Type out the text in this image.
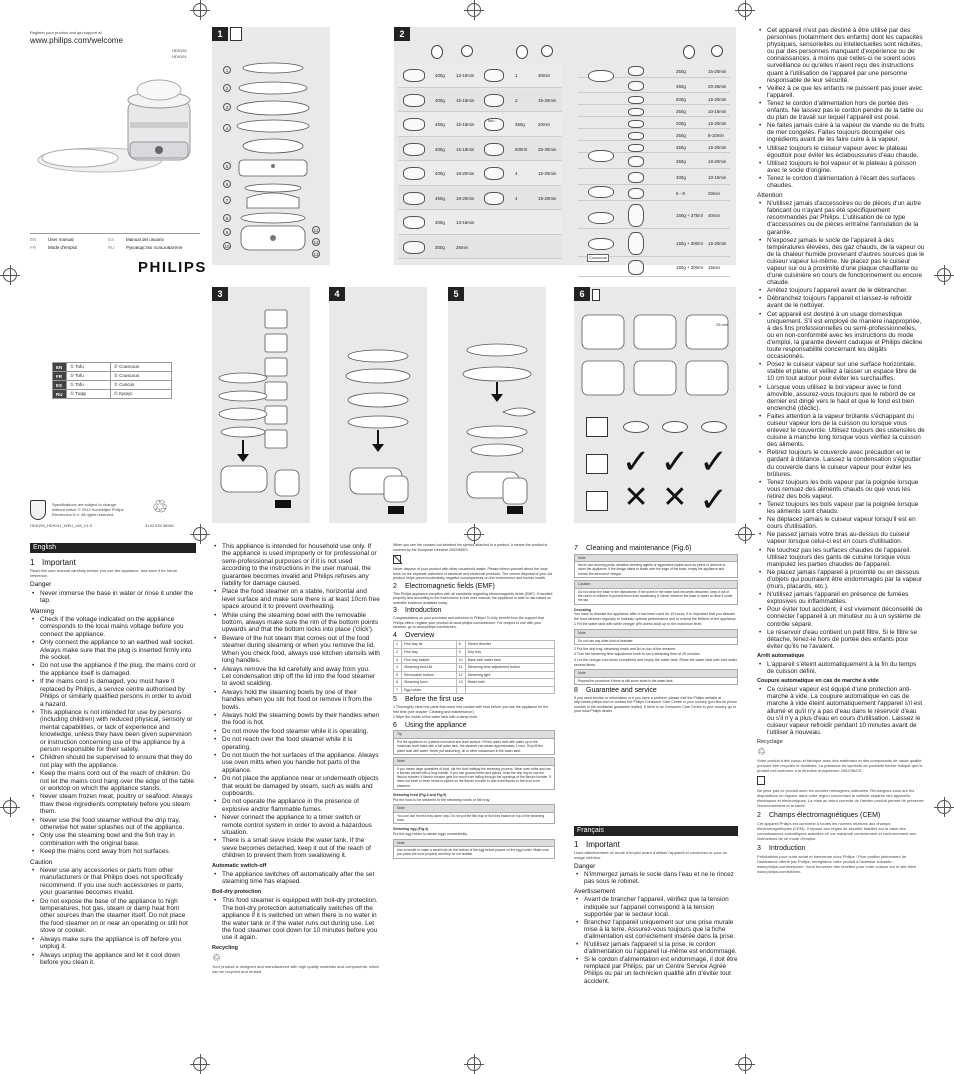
Register your product and get support at
www.philips.com/welcome
HD9190
HD9191
EN	User manual
FR	Mode d'emploi
ES	Manual del usuario
RU	Руководство пользователя
PHILIPS
EN	① Tofu	② Couscous
FR	① Tofu	② Couscous
ES	① Tofu	② Cuscús
RU	① Тофу	② Кускус
Specifications are subject to change without notice © 2013 Koninklijke Philips Electronics N.V. All rights reserved.	♲
HD9190_HD9191_WEU_UM_V1.0	3140 035 36981
1
1
2
3
4
5
6
7
8
9
10
11
12
13
2
400g	13-15min	1	30min
400g	15-18min	2	15-20min
450g	15-18min	350g	20min
400g	15-18min	500ml	25-30min
400g	18-20min	4	15-20min
450g	18-20min	4	15-20min
400g	13-15min
300g	25min
Tofu
250g	15-20min
450g	20-25min
500g	15-20min
250g	10-15min
200g	15-20min
250g	8-10min
450g	15-20min
350g	18-20min
400g	10-15min
6 - 8	20min
150g + 375ml 40min
150g + 300ml 15-20min
150g + 300ml 15min
Couscous
3	4	5	6
25 min
✓ ✓ ✓
✕ ✕ ✓
English
1 Important
Read this user manual carefully before you use the appliance, and save it for future reference.
Danger
• Never immerse the base in water or rinse it under the tap.
Warning
• Check if the voltage indicated on the appliance corresponds to the local mains voltage before you connect the appliance.
• Only connect the appliance to an earthed wall socket. Always make sure that the plug is inserted firmly into the socket.
• Do not use the appliance if the plug, the mains cord or the appliance itself is damaged.
• If the mains cord is damaged, you must have it replaced by Philips, a service centre authorised by Philips or similarly qualified persons in order to avoid a hazard.
• This appliance is not intended for use by persons (including children) with reduced physical, sensory or mental capabilities, or lack of experience and knowledge, unless they have been given supervision or instruction concerning use of the appliance by a person responsible for their safety.
• Children should be supervised to ensure that they do not play with the appliance.
• Keep the mains cord out of the reach of children. Do not let the mains cord hang over the edge of the table or worktop on which the appliance stands.
• Never steam frozen meat, poultry or seafood. Always thaw these ingredients completely before you steam them.
• Never use the food steamer without the drip tray, otherwise hot water splashes out of the appliance.
• Only use the steaming bowl and the fish tray in combination with the original base.
• Keep the mains cord away from hot surfaces.
Caution
• Never use any accessories or parts from other manufacturers or that Philips does not specifically recommend. If you use such accessories or parts, your guarantee becomes invalid.
• Do not expose the base of the appliance to high temperatures, hot gas, steam or damp heat from other sources than the steamer itself. Do not place the food steamer on or near an operating or still hot stove or cooker.
• Always make sure the appliance is off before you unplug it.
• Always unplug the appliance and let it cool down before you clean it.
• This appliance is intended for household use only. If the appliance is used improperly or for professional or semi-professional purposes or if it is not used according to the instructions in the user manual, the guarantee becomes invalid and Philips refuses any liability for damage caused.
• Place the food steamer on a stable, horizontal and level surface and make sure there is at least 10cm free space around it to prevent overheating.
• While using the steaming bowl with the removable bottom, always make sure the rim of the bottom points upwards and that the bottom locks into place ('click').
• Beware of the hot steam that comes out of the food steamer during steaming or when you remove the lid. When you check food, always use kitchen utensils with long handles.
• Always remove the lid carefully and away from you. Let condensation drip off the lid into the food steamer to avoid scalding.
• Always hold the steaming bowls by one of their handles when you stir hot food or remove it from the bowls.
• Always hold the steaming bowls by their handles when the food is hot.
• Do not move the food steamer while it is operating.
• Do not reach over the food steamer while it is operating.
• Do not touch the hot surfaces of the appliance. Always use oven mitts when you handle hot parts of the appliance.
• Do not place the appliance near or underneath objects that would be damaged by steam, such as walls and cupboards.
• Do not operate the appliance in the presence of explosive and/or flammable fumes.
• Never connect the appliance to a timer switch or remote control system in order to avoid a hazardous situation.
• There is a small sieve inside the water tank. If the sieve becomes detached, keep it out of the reach of children to prevent them from swallowing it.
Automatic switch-off
• The appliance switches off automatically after the set steaming time has elapsed.
Boil-dry protection
• This food steamer is equipped with boil-dry protection. The boil-dry protection automatically switches off the appliance if it is switched on when there is no water in the water tank or if the water runs out during use. Let the food steamer cool down for 10 minutes before you use it again.
Recycling
♲
Your product is designed and manufactured with high quality materials and components, which can be recycled and reused.
When you see the crossed-out wheeled bin symbol attached to a product, it means the product is covered by the European Directive 2002/96/EC.
Never dispose of your product with other household waste. Please inform yourself about the local rules on the separate collection of electrical and electronic products. The correct disposal of your old product helps prevent potentially negative consequences on the environment and human health.
2 Electromagnetic fields (EMF)
This Philips appliance complies with all standards regarding electromagnetic fields (EMF). If handled properly and according to the instructions in this user manual, the appliance is safe to use based on scientific evidence available today.
3 Introduction
Congratulations on your purchase and welcome to Philips! To fully benefit from the support that Philips offers, register your product at www.philips.com/welcome. For recipes to use with your steamer, go to www.philips.com/kitchen.
4 Overview
1	Fish tray lid	8	Steam diverter
2	Fish tray	9	Drip tray
3	Fish tray basket	10	Base with water tank
4	Steaming bowl lid	11	Steaming time adjustment button
5	Removable bottom	12	Steaming light
6	Steaming bowl	13	Water inlet
7	Egg holder		
5 Before the first use
1 Thoroughly clean the parts that come into contact with food before you use the appliance for the first time (see chapter 'Cleaning and maintenance').
2 Wipe the inside of the water tank with a damp cloth.
6 Using the appliance
Tip
Put the appliance on a stable horizontal and level surface. Fill the water tank with water up to the maximum level mark with a full water tank, the steamer can steam approximately 1 hour. Only fill the water tank with water. Never put seasoning, oil or other substances in the water tank.
Note
If you steam large quantities of food, stir the food halfway the steaming process. Wear oven mitts and use a kitchen utensil with a long handle. If you use ground herbs and spices, rinse the drip tray to use the flavour booster. If flavour booster gets too much from falling through the openings of the flavour booster. If dried out fresh or fresh herbs or spices on the flavour booster to add extra flavour to the food to be steamed.
Steaming food (Fig.3 and Fig.5)
Put the food to be steamed in the steaming bowls or fish tray.
Note
You can use the fish tray alone only. Do not put the fish tray or fish tray basket on top of the steaming bowl.
Steaming egg (Fig.4)
Put the egg holder to steam eggs conveniently.
Note
Use a needle to make a small hole on the bottom of the egg before placed on the egg holder. Make sure you place the bowl properly and they do not wobble.
7 Cleaning and maintenance (Fig.6)
Note
Never use scouring pads, abrasive cleaning agents or aggressive liquids such as petrol or acetone to clean the appliance. If the design starts to break over the edge of the base, empty the appliance and reduce the amount of vinegar.
Caution
Do not clean the base in the dishwasher. If the scent in the water tank becomes detached, keep it out of the reach of children to prevent them from swallowing it. Never immerse the base in water or rinse it under the tap.
Descaling
You have to descale the appliance after it has been used for 15 hours. It is important that you descale the food steamer regularly to maintain optimal performance and to extend the lifetime of the appliance.
1 Fill the water tank with white vinegar (8% acetic acid) up to the maximum level.
Note
Do not use any other kind of descaler.
2 Put the drip tray, steaming bowls and lid on top of the steamer.
3 Turn the steaming time adjustment knob to set a steaming time of 25 minutes.
4 Let the vinegar cool down completely and empty the water tank. Rinse the water tank with cold water several times.
Note
Repeat the procedure if there is still some scale in the water tank.
8 Guarantee and service
If you need service or information or if you have a problem, please visit the Philips website at http://www.philips.com or contact the Philips Consumer Care Centre in your country (you find its phone number in the worldwide guarantee leaflet). If there is no Consumer Care Centre in your country, go to your local Philips dealer.
Français
1 Important
Lisez attentivement ce mode d'emploi avant d'utiliser l'appareil et conservez-le pour un usage ultérieur.
Danger
• N'immergez jamais le socle dans l'eau et ne le rincez pas sous le robinet.
Avertissement
• Avant de brancher l'appareil, vérifiez que la tension indiquée sur l'appareil correspond à la tension supportée par le secteur local.
• Branchez l'appareil uniquement sur une prise murale mise à la terre. Assurez-vous toujours que la fiche d'alimentation est correctement insérée dans la prise.
• N'utilisez jamais l'appareil si la prise, le cordon d'alimentation ou l'appareil lui-même est endommagé.
• Si le cordon d'alimentation est endommagé, il doit être remplacé par Philips, par un Centre Service Agréé Philips ou par un technicien qualifié afin d'éviter tout accident.
• Cet appareil n'est pas destiné à être utilisé par des personnes (notamment des enfants) dont les capacités physiques, sensorielles ou intellectuelles sont réduites, ou par des personnes manquant d'expérience ou de connaissances, à moins que celles-ci ne soient sous surveillance ou qu'elles n'aient reçu des instructions quant à l'utilisation de l'appareil par une personne responsable de leur sécurité.
• Veillez à ce que les enfants ne puissent pas jouer avec l'appareil.
• Tenez le cordon d'alimentation hors de portée des enfants. Ne laissez pas le cordon pendre de la table ou du plan de travail sur lequel l'appareil est posé.
• Ne faites jamais cuire à la vapeur de viande ou de fruits de mer congelés. Faites toujours décongeler ces ingrédients avant de les faire cuire à la vapeur.
• Utilisez toujours le cuiseur vapeur avec le plateau égouttoir pour éviter les éclaboussures d'eau chaude.
• Utilisez toujours le bol vapeur et le plateau à poisson avec le socle d'origine.
• Tenez le cordon d'alimentation à l'écart des surfaces chaudes.
Attention
• N'utilisez jamais d'accessoires ou de pièces d'un autre fabricant ou n'ayant pas été spécifiquement recommandés par Philips. L'utilisation de ce type d'accessoires ou de pièces entraîne l'annulation de la garantie.
• N'exposez jamais le socle de l'appareil à des températures élevées, des gaz chauds, de la vapeur ou de la chaleur humide provenant d'autres sources que le cuiseur vapeur lui-même. Ne placez pas le cuiseur vapeur sur ou à proximité d'une plaque chauffante ou d'une cuisinière en cours de fonctionnement ou encore chaude.
• Arrêtez toujours l'appareil avant de le débrancher.
• Débranchez toujours l'appareil et laissez-le refroidir avant de le nettoyer.
• Cet appareil est destiné à un usage domestique uniquement. S'il est employé de manière inappropriée, à des fins professionnelles ou semi-professionnelles, ou en non-conformité avec les instructions du mode d'emploi, la garantie devient caduque et Philips décline toute responsabilité concernant les dégâts occasionnés.
• Posez le cuiseur vapeur sur une surface horizontale, stable et plane, et veillez à laisser un espace libre de 10 cm tout autour pour éviter les surchauffes.
• Lorsque vous utilisez le bol vapeur avec le fond amovible, assurez-vous toujours que le rebord de ce dernier est dirigé vers le haut et que le fond est bien enclenché (déclic).
• Faites attention à la vapeur brûlante s'échappant du cuiseur vapeur lors de la cuisson ou lorsque vous enlevez le couvercle. Utilisez toujours des ustensiles de cuisine à manche long lorsque vous vérifiez la cuisson des aliments.
• Retirez toujours le couvercle avec précaution en le gardant à distance. Laissez la condensation s'égoutter du couvercle dans le cuiseur vapeur pour éviter les brûlures.
• Tenez toujours les bols vapeur par la poignée lorsque vous remuez des aliments chauds ou que vous les retirez des bols vapeur.
• Tenez toujours les bols vapeur par la poignée lorsque les aliments sont chauds.
• Ne déplacez jamais le cuiseur vapeur lorsqu'il est en cours d'utilisation.
• Ne passez jamais votre bras au-dessus du cuiseur vapeur lorsque celui-ci est en cours d'utilisation.
• Ne touchez pas les surfaces chaudes de l'appareil. Utilisez toujours des gants de cuisine lorsque vous manipulez les parties chaudes de l'appareil.
• Ne placez jamais l'appareil à proximité ou en dessous d'objets qui pourraient être endommagés par la vapeur (murs, placards, etc.).
• N'utilisez jamais l'appareil en présence de fumées explosives ou inflammables.
• Pour éviter tout accident, il est vivement déconseillé de connecter l'appareil à un minuteur ou à un système de contrôle séparé.
• Le réservoir d'eau contient un petit filtre. Si le filtre se détache, tenez-le hors de portée des enfants pour éviter qu'ils ne l'avalent.
Arrêt automatique
• L'appareil s'éteint automatiquement à la fin du temps de cuisson défini.
Coupure automatique en cas de marche à vide
• Ce cuiseur vapeur est équipé d'une protection anti-marche à vide. La coupure automatique en cas de marche à vide éteint automatiquement l'appareil s'il est allumé et qu'il n'y a pas d'eau dans le réservoir d'eau ou s'il n'y a plus d'eau en cours d'utilisation. Laissez le cuiseur vapeur refroidir pendant 10 minutes avant de l'utiliser à nouveau.
Recyclage
♲
Votre produit a été conçu et fabriqué avec des matériaux et des composants de haute qualité pouvant être recyclés et réutilisés. La présence du symbole de poubelle barrée indique que le produit est conforme à la directive européenne 2002/96/CE.
Ne jetez pas ce produit avec les ordures ménagères ordinaires. Renseignez-vous sur les dispositions en vigueur dans votre région concernant la collecte séparée des appareils électriques et électroniques. La mise au rebut correcte de l'ancien produit permet de préserver l'environnement et la santé.
2 Champs électromagnétiques (CEM)
Cet appareil Philips est conforme à toutes les normes relatives aux champs électromagnétiques (CEM). Il répond aux règles de sécurité établies sur la base des connaissances scientifiques actuelles s'il est manipulé correctement et conformément aux instructions de ce mode d'emploi.
3 Introduction
Félicitations pour votre achat et bienvenue chez Philips ! Pour profiter pleinement de l'assistance offerte par Philips, enregistrez votre produit à l'adresse suivante : www.philips.com/welcome. Vous trouverez des recettes pour votre cuiseur sur le site Web www.philips.com/kitchen.
